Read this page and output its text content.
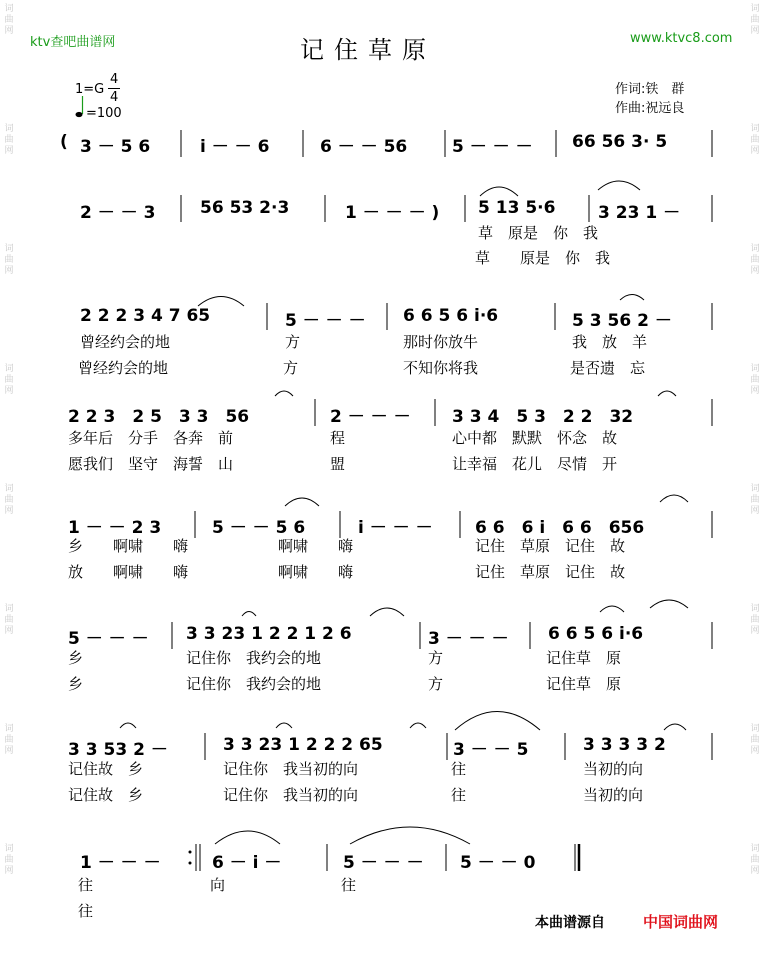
词 曲 网
词 曲 网
词 曲 网
词 曲 网
词 曲 网
词 曲 网
词 曲 网
词 曲 网
词 曲 网
词 曲 网
词 曲 网
词 曲 网
词 曲 网
词 曲 网
词 曲 网
词 曲 网
ktv查吧曲谱网	www.ktvc8.com
记住草原
1=G
4
4
=100
作词:铁　群
作曲:祝远良
( 3 － 5 6	i － － 6	6 － － 56	5 － － － 66 56 3· 5
2 － － 3	56 53 2·3	1 － － － ) 5 13 5·6	3 23 1 －
草　原是　你　我
草　　原是　你　我
2 2 2 3 4 7 65	5 － － － 6 6 5 6 i·6	5 3 56 2 －
曾经约会的地	方	那时你放牛	我　放　羊
曾经约会的地	方	不知你将我	是否遗　忘
2 2 3　2 5　3 3　56	2 － － － 3 3 4　5 3　2 2　32
多年后　分手　各奔　前	程	心中都　默默　怀念　故
愿我们　坚守　海誓　山	盟	让幸福　花儿　尽情　开
1 － － 2 3	5 － － 5 6	i － － － 6 6　6 i　6 6　656
乡　　啊啸　　嗨	啊啸　　嗨	记住　草原　记住　故
放　　啊啸　　嗨	啊啸　　嗨	记住　草原　记住　故
5 － － － 3 3 23 1 2 2 1 2 6	3 － － － 6 6 5 6 i·6
乡	记住你　我约会的地	方	记住草　原
乡	记住你　我约会的地	方	记住草　原
3 3 53 2 －	3 3 23 1 2 2 2 65	3 － － 5	3 3 3 3 2
记住故　乡	记住你　我当初的向	往	当初的向
记住故　乡	记住你　我当初的向	往	当初的向
1 － － －	6 － i －	5 － － － 5 － － 0
往	向	往
往
本曲谱源自	中国词曲网
